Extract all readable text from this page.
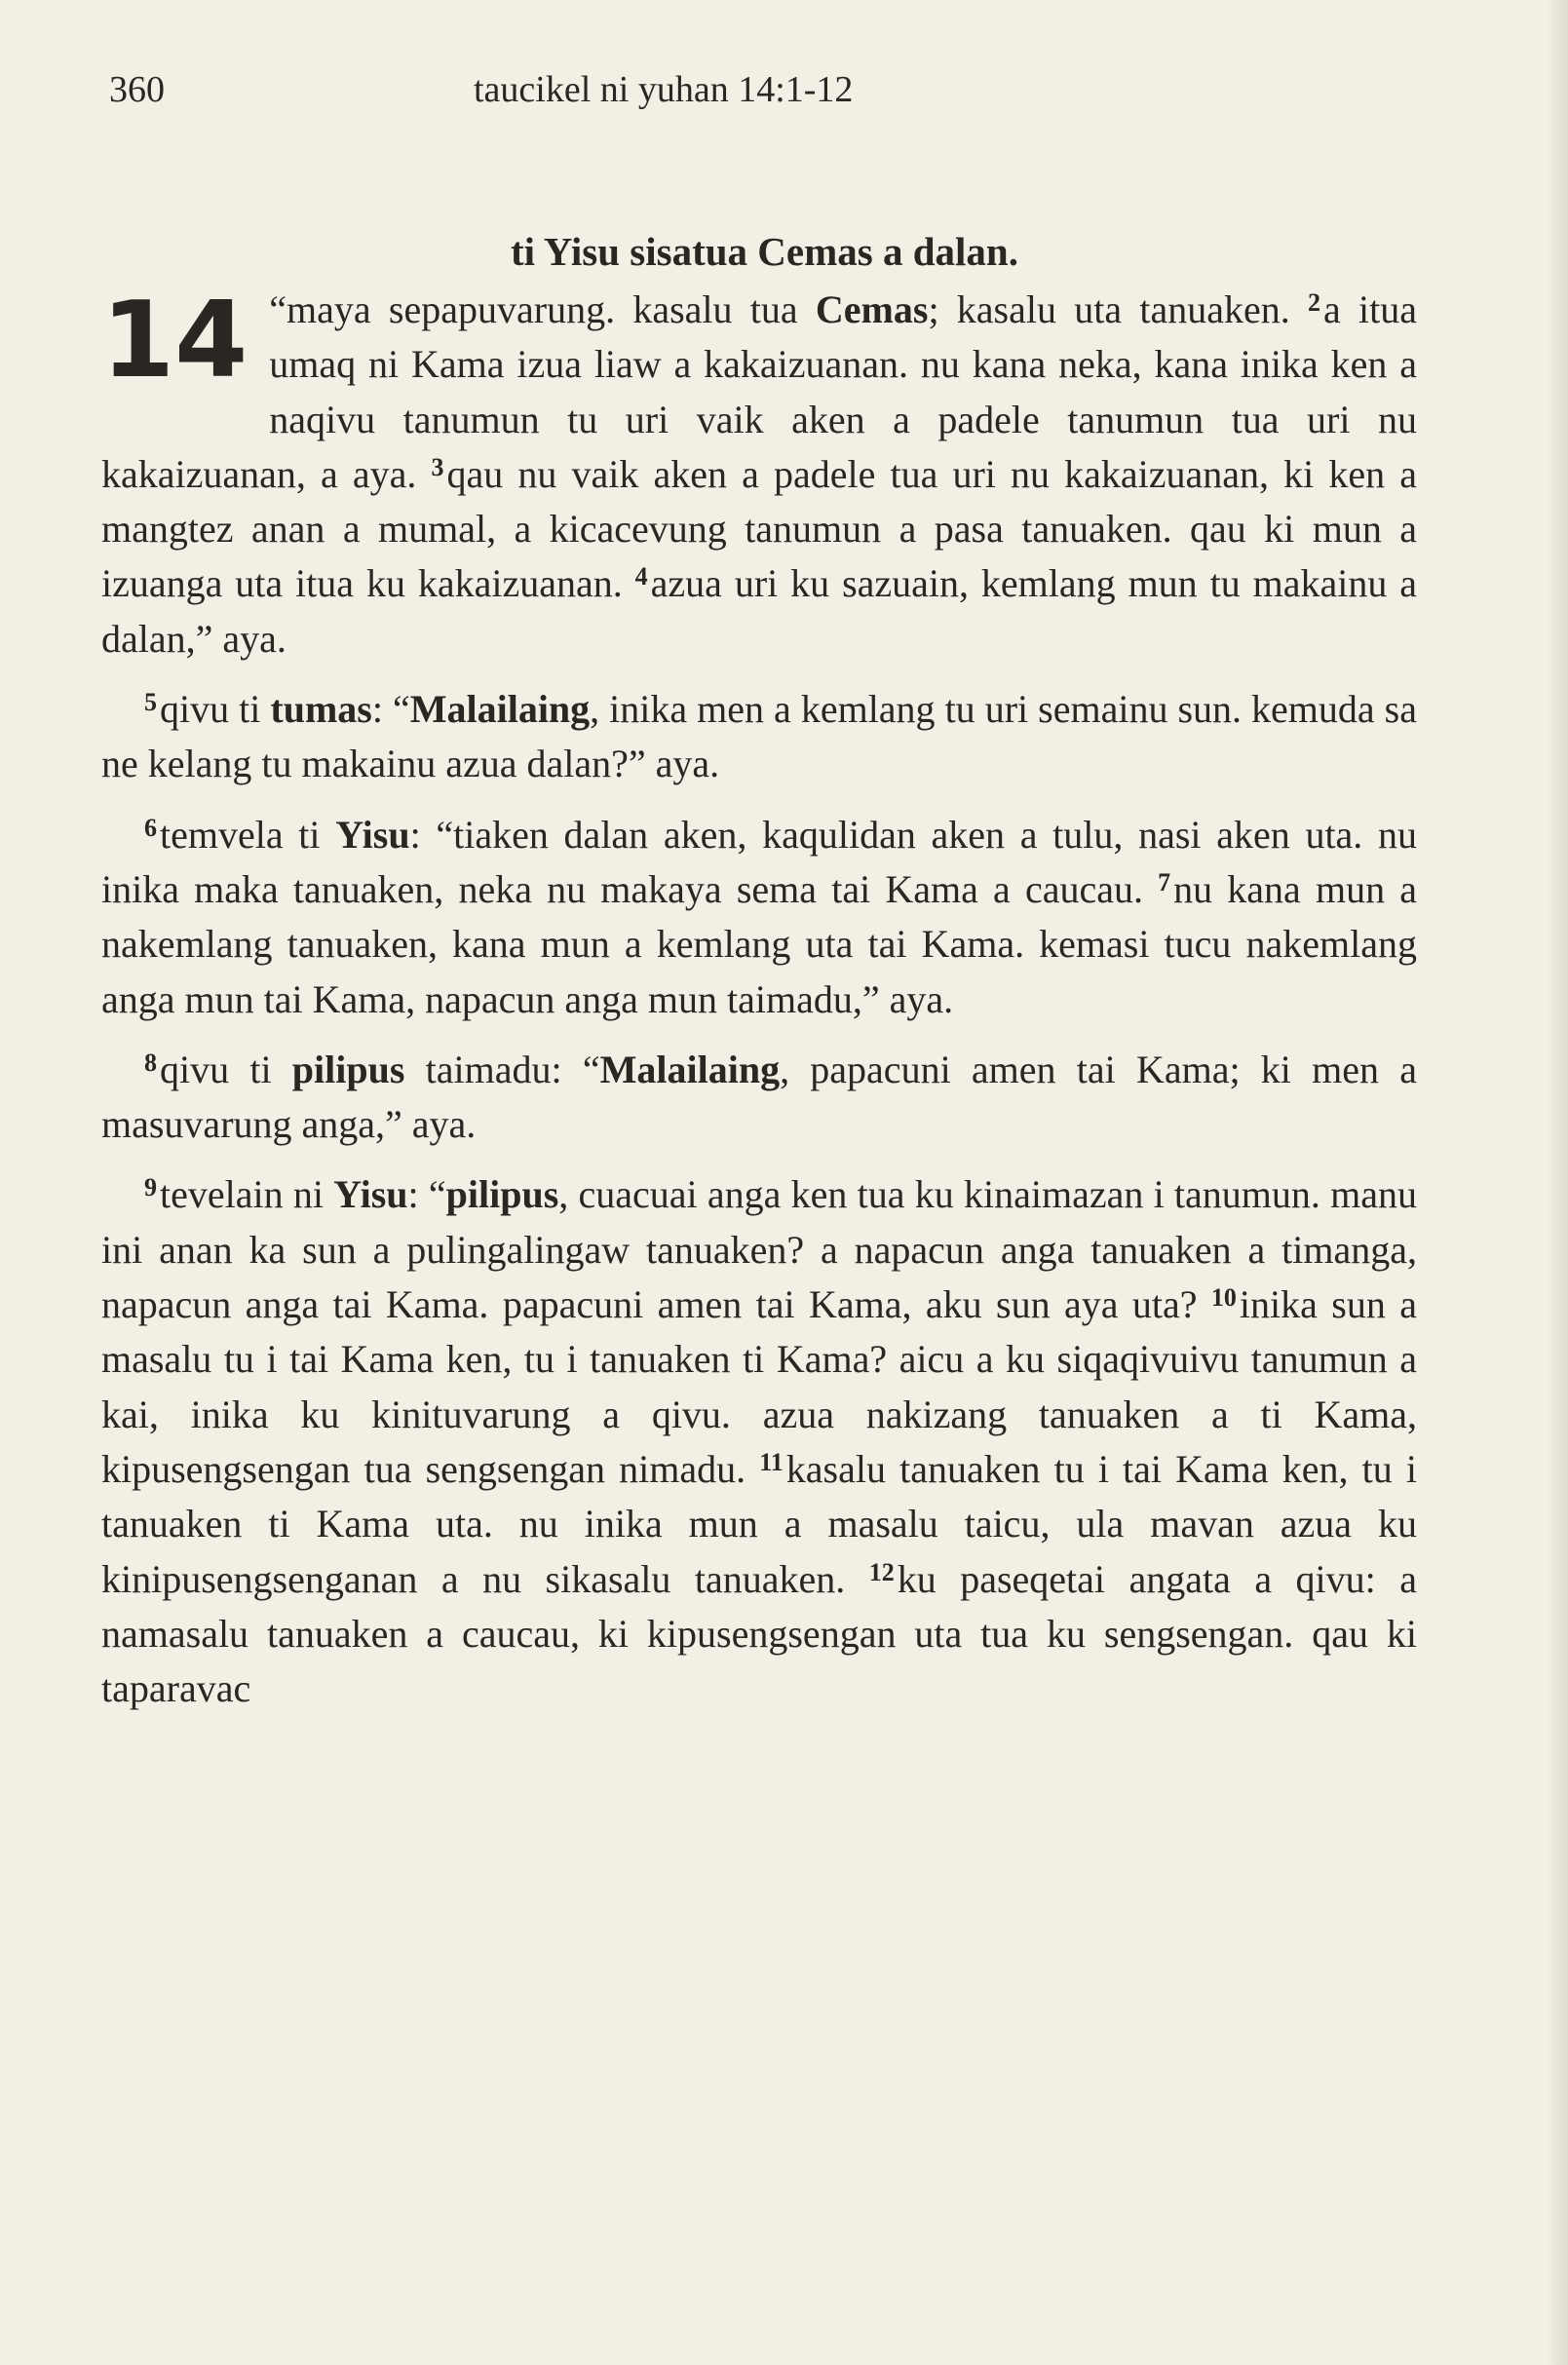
360	taucikel ni yuhan 14:1-12
ti Yisu sisatua Cemas a dalan.

14 “maya sepapuvarung. kasalu tua Cemas; kasalu uta tanuaken. $^2$a itua umaq ni Kama izua liaw a kakaizuanan. nu kana neka, kana inika ken a naqivu tanumun tu uri vaik aken a padele tanumun tua uri nu kakaizuanan, a aya. $^3$qau nu vaik aken a padele tua uri nu kakaizuanan, ki ken a mangtez anan a mumal, a kicacevung tanumun a pasa tanuaken. qau ki mun a izuanga uta itua ku kakaizuanan. $^4$azua uri ku sazuain, kemlang mun tu makainu a dalan,” aya.

$^5$qivu ti tumas: “Malailaing, inika men a kemlang tu uri semainu sun. kemuda sa ne kelang tu makainu azua dalan?” aya.

$^6$temvela ti Yisu: “tiaken dalan aken, kaqulidan aken a tulu, nasi aken uta. nu inika maka tanuaken, neka nu makaya sema tai Kama a caucau. $^7$nu kana mun a nakemlang tanuaken, kana mun a kemlang uta tai Kama. kemasi tucu nakemlang anga mun tai Kama, napacun anga mun taimadu,” aya.

$^8$qivu ti pilipus taimadu: “Malailaing, papacuni amen tai Kama; ki men a masuvarung anga,” aya.

$^9$tevelain ni Yisu: “pilipus, cuacuai anga ken tua ku kinaimazan i tanumun. manu ini anan ka sun a pulingalingaw tanuaken? a napacun anga tanuaken a timanga, napacun anga tai Kama. papacuni amen tai Kama, aku sun aya uta? $^{10}$inika sun a masalu tu i tai Kama ken, tu i tanuaken ti Kama? aicu a ku siqaqivuivu tanumun a kai, inika ku kinituvarung a qivu. azua nakizang tanuaken a ti Kama, kipusengsengan tua sengsengan nimadu. $^{11}$kasalu tanuaken tu i tai Kama ken, tu i tanuaken ti Kama uta. nu inika mun a masalu taicu, ula mavan azua ku kinipusengsenganan a nu sikasalu tanuaken. $^{12}$ku paseqetai angata a qivu: a namasalu tanuaken a caucau, ki kipusengsengan uta tua ku sengsengan. qau ki taparavac
